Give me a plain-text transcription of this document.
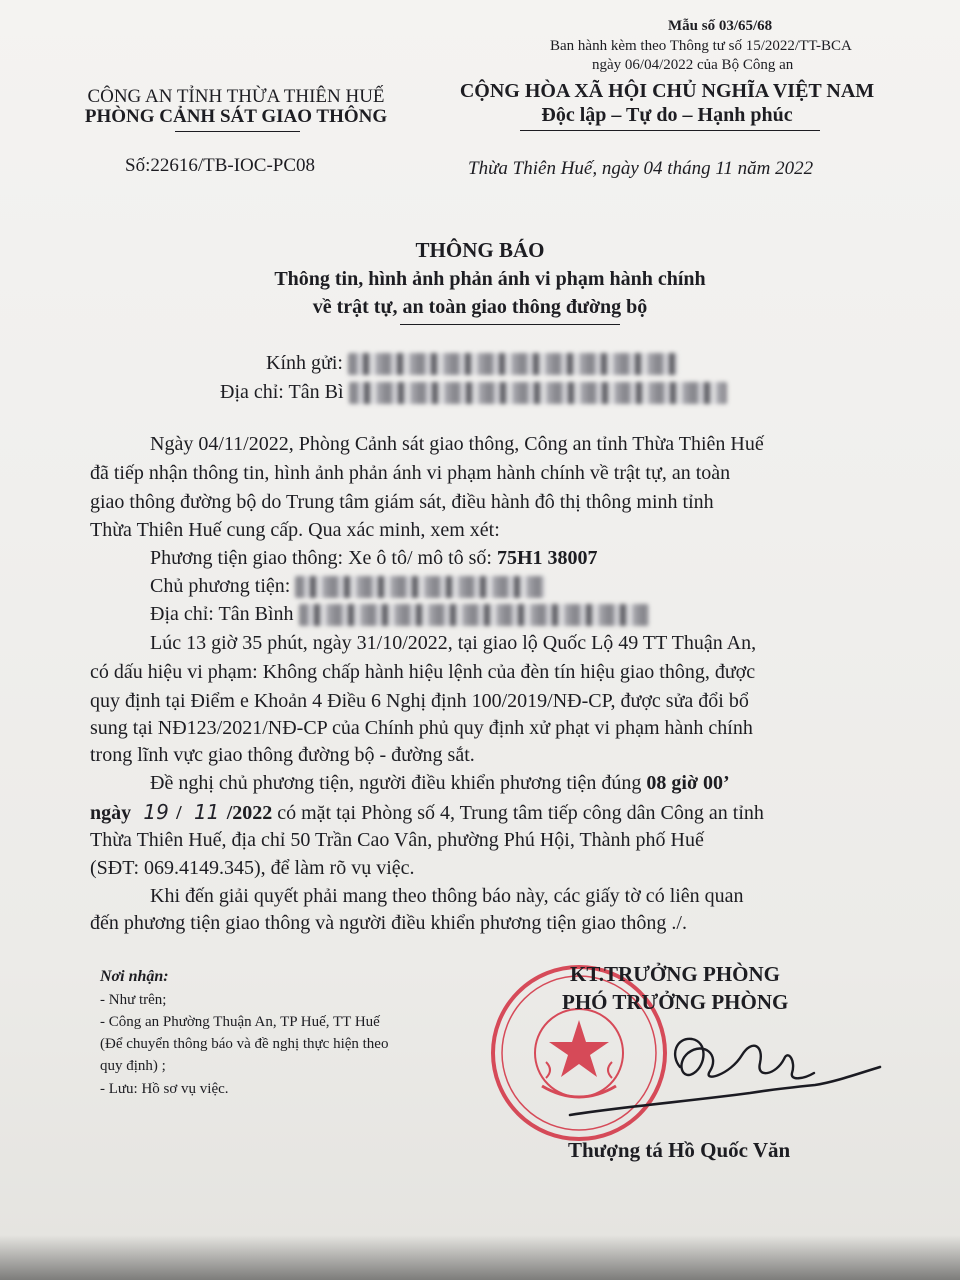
Mẫu số 03/65/68
Ban hành kèm theo Thông tư số 15/2022/TT-BCA
ngày 06/04/2022 của Bộ Công an
CÔNG AN TỈNH THỪA THIÊN HUẾ
PHÒNG CẢNH SÁT GIAO THÔNG
Số:22616/TB-IOC-PC08
CỘNG HÒA XÃ HỘI CHỦ NGHĨA VIỆT NAM
Độc lập – Tự do – Hạnh phúc
Thừa Thiên Huế, ngày 04 tháng 11 năm 2022
THÔNG BÁO
Thông tin, hình ảnh phản ánh vi phạm hành chính
về trật tự, an toàn giao thông đường bộ
Kính gửi:
Địa chỉ: Tân Bì
Ngày 04/11/2022, Phòng Cảnh sát giao thông, Công an tỉnh Thừa Thiên Huế
đã tiếp nhận thông tin, hình ảnh phản ánh vi phạm hành chính về trật tự, an toàn
giao thông đường bộ do Trung tâm giám sát, điều hành đô thị thông minh tỉnh
Thừa Thiên Huế cung cấp. Qua xác minh, xem xét:
Phương tiện giao thông: Xe ô tô/ mô tô số: 75H1 38007
Chủ phương tiện:
Địa chỉ: Tân Bình
Lúc 13 giờ 35 phút, ngày 31/10/2022, tại giao lộ Quốc Lộ 49 TT Thuận An,
có dấu hiệu vi phạm: Không chấp hành hiệu lệnh của đèn tín hiệu giao thông, được
quy định tại Điểm e Khoản 4 Điều 6 Nghị định 100/2019/NĐ-CP, được sửa đổi bổ
sung tại NĐ123/2021/NĐ-CP của Chính phủ quy định xử phạt vi phạm hành chính
trong lĩnh vực giao thông đường bộ - đường sắt.
Đề nghị chủ phương tiện, người điều khiển phương tiện đúng 08 giờ 00’
ngày 19 / 11 /2022 có mặt tại Phòng số 4, Trung tâm tiếp công dân Công an tỉnh
Thừa Thiên Huế, địa chỉ 50 Trần Cao Vân, phường Phú Hội, Thành phố Huế
(SĐT: 069.4149.345), để làm rõ vụ việc.
Khi đến giải quyết phải mang theo thông báo này, các giấy tờ có liên quan
đến phương tiện giao thông và người điều khiển phương tiện giao thông ./.
Nơi nhận:
- Như trên;
- Công an Phường Thuận An, TP Huế, TT Huế
(Để chuyển thông báo và đề nghị thực hiện theo
quy định) ;
- Lưu: Hồ sơ vụ việc.
KT.TRƯỞNG PHÒNG
PHÓ TRƯỞNG PHÒNG
Thượng tá Hồ Quốc Văn
